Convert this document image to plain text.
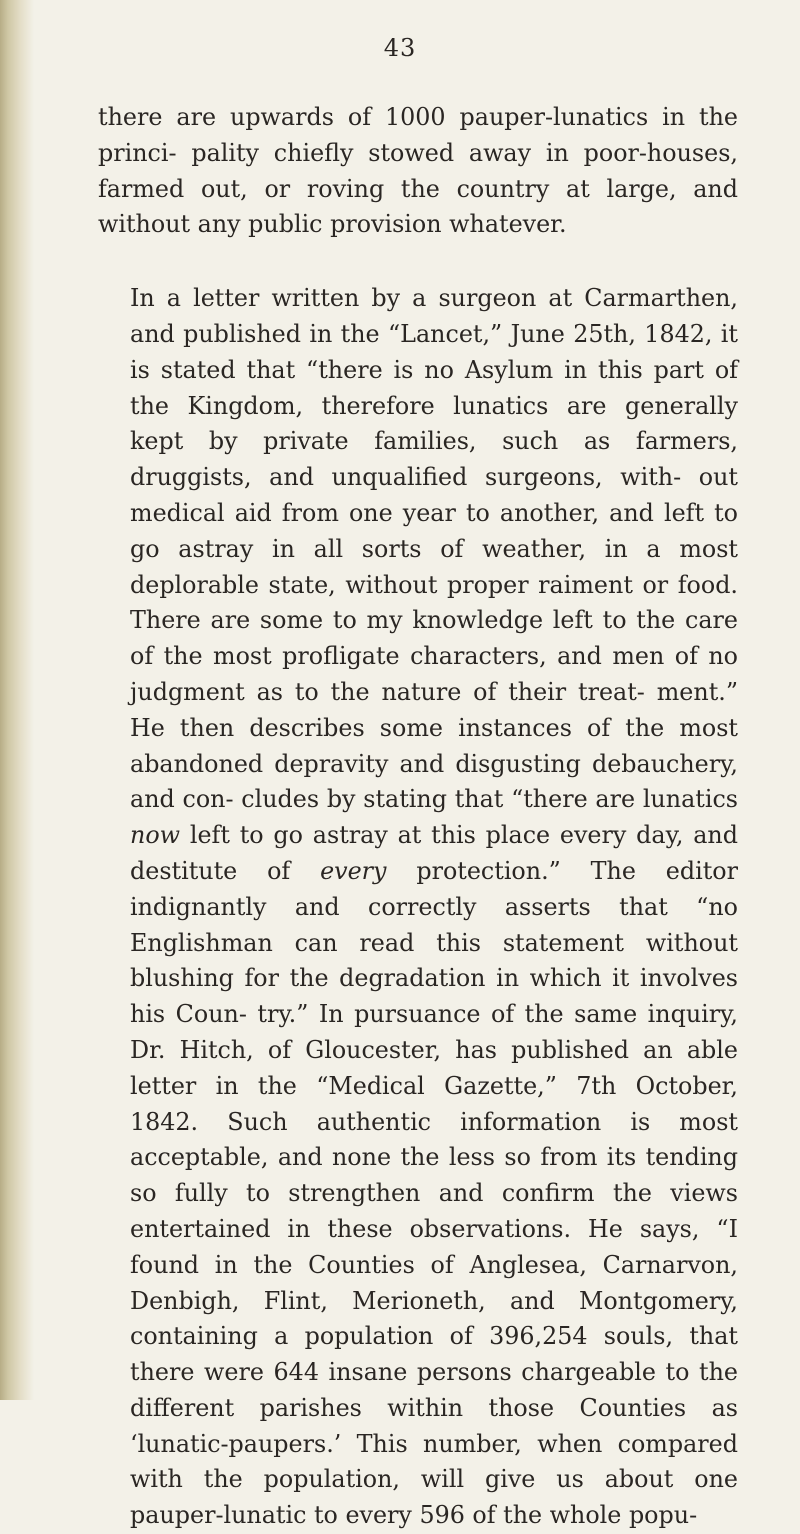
43

there are upwards of 1000 pauper-lunatics in the princi- pality chiefly stowed away in poor-houses, farmed out, or roving the country at large, and without any public provision whatever.

In a letter written by a surgeon at Carmarthen, and published in the “Lancet,” June 25th, 1842, it is stated that “there is no Asylum in this part of the Kingdom, therefore lunatics are generally kept by private families, such as farmers, druggists, and unqualified surgeons, with- out medical aid from one year to another, and left to go astray in all sorts of weather, in a most deplorable state, without proper raiment or food. There are some to my knowledge left to the care of the most profligate characters, and men of no judgment as to the nature of their treat- ment.” He then describes some instances of the most abandoned depravity and disgusting debauchery, and con- cludes by stating that “there are lunatics now left to go astray at this place every day, and destitute of every protection.” The editor indignantly and correctly asserts that “no Englishman can read this statement without blushing for the degradation in which it involves his Coun- try.” In pursuance of the same inquiry, Dr. Hitch, of Gloucester, has published an able letter in the “Medical Gazette,” 7th October, 1842. Such authentic information is most acceptable, and none the less so from its tending so fully to strengthen and confirm the views entertained in these observations. He says, “I found in the Counties of Anglesea, Carnarvon, Denbigh, Flint, Merioneth, and Montgomery, containing a population of 396,254 souls, that there were 644 insane persons chargeable to the different parishes within those Counties as ‘lunatic-paupers.’ This number, when compared with the population, will give us about one pauper-lunatic to every 596 of the whole popu-
